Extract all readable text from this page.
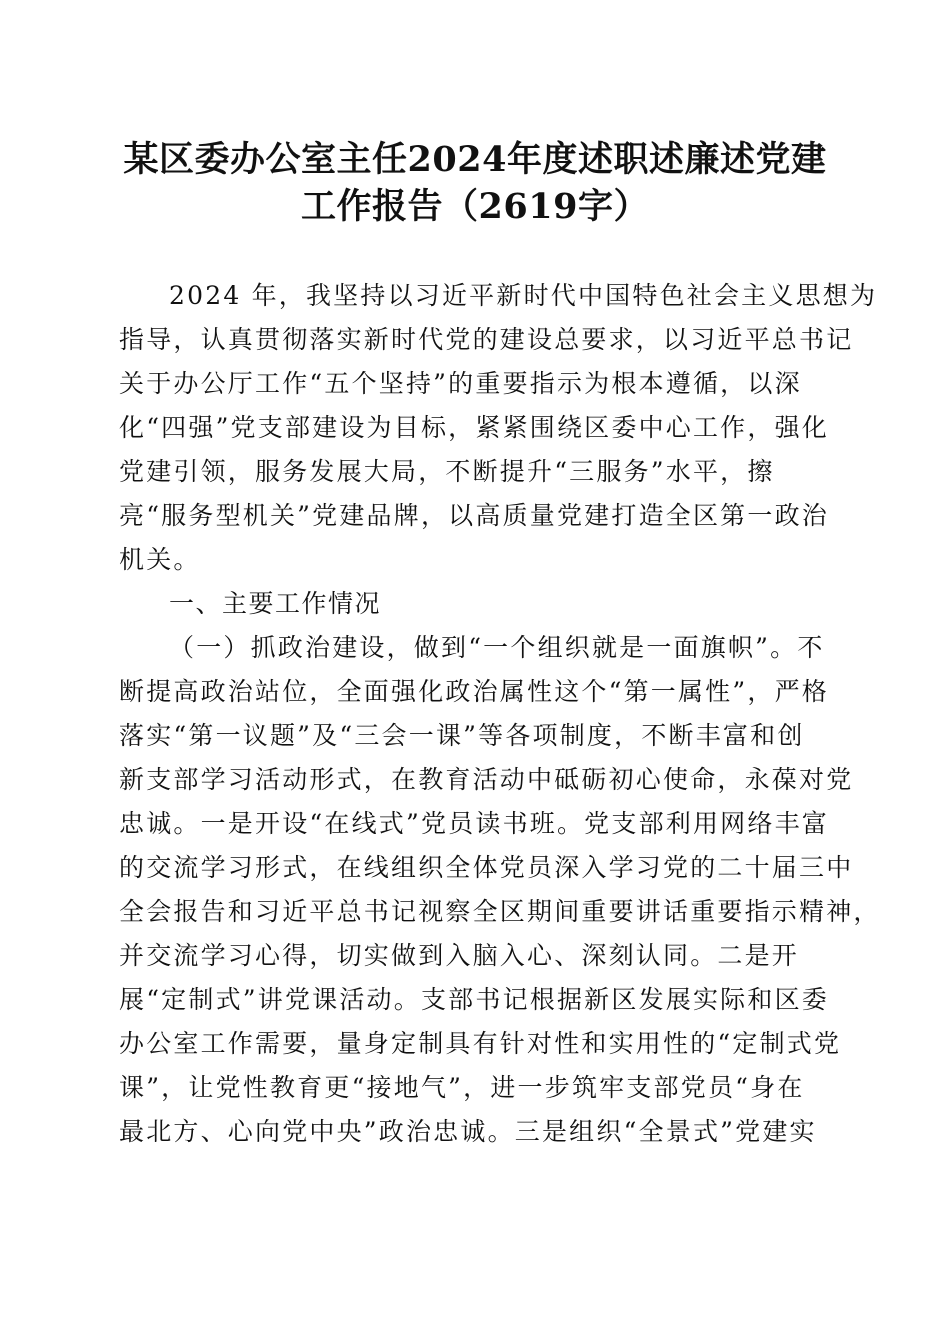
某区委办公室主任2024年度述职述廉述党建
工作报告（2619字）
2024 年，我坚持以习近平新时代中国特色社会主义思想为
指导，认真贯彻落实新时代党的建设总要求，以习近平总书记
关于办公厅工作“五个坚持”的重要指示为根本遵循，以深
化“四强”党支部建设为目标，紧紧围绕区委中心工作，强化
党建引领，服务发展大局，不断提升“三服务”水平，擦
亮“服务型机关”党建品牌，以高质量党建打造全区第一政治
机关。
一、主要工作情况
（一）抓政治建设，做到“一个组织就是一面旗帜”。不
断提高政治站位，全面强化政治属性这个“第一属性”，严格
落实“第一议题”及“三会一课”等各项制度，不断丰富和创
新支部学习活动形式，在教育活动中砥砺初心使命，永葆对党
忠诚。一是开设“在线式”党员读书班。党支部利用网络丰富
的交流学习形式，在线组织全体党员深入学习党的二十届三中
全会报告和习近平总书记视察全区期间重要讲话重要指示精神，
并交流学习心得，切实做到入脑入心、深刻认同。二是开
展“定制式”讲党课活动。支部书记根据新区发展实际和区委
办公室工作需要，量身定制具有针对性和实用性的“定制式党
课”，让党性教育更“接地气”，进一步筑牢支部党员“身在
最北方、心向党中央”政治忠诚。三是组织“全景式”党建实
